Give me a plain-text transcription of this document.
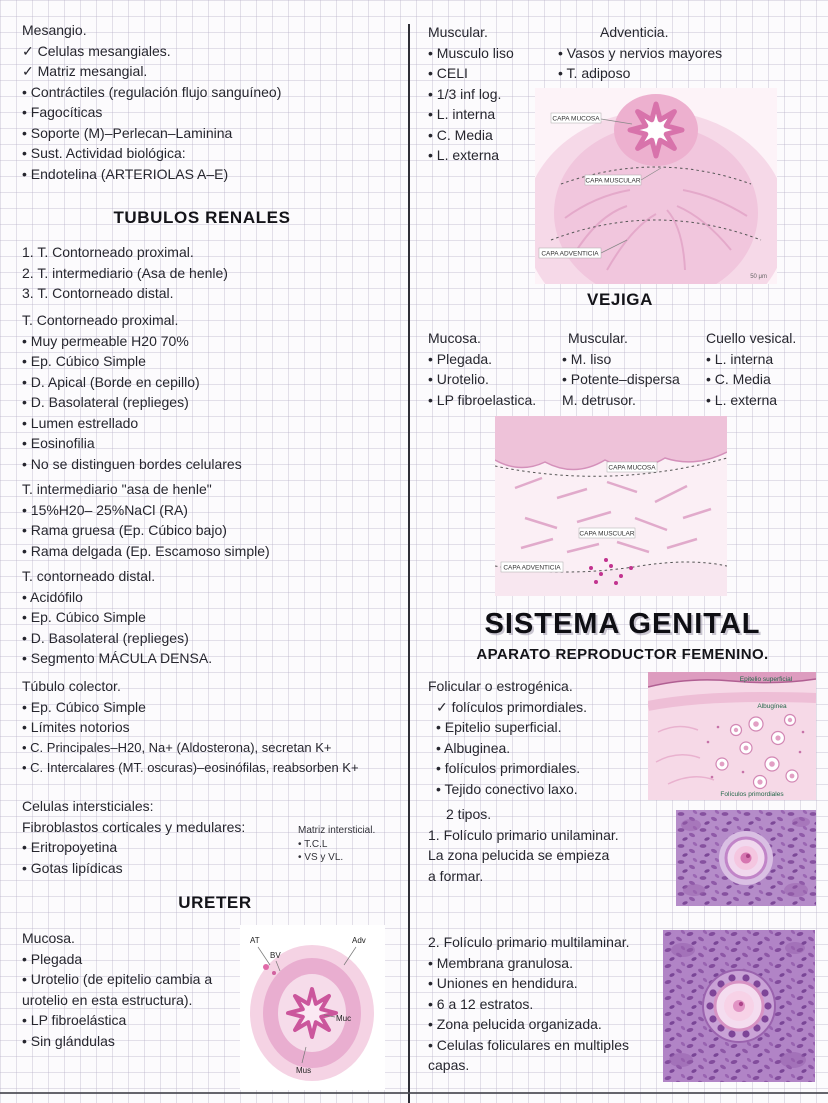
Mesangio.
✓ Celulas mesangiales.
✓ Matriz mesangial.
• Contráctiles (regulación flujo sanguíneo)
• Fagocíticas
• Soporte (M)–Perlecan–Laminina
• Sust. Actividad biológica:
• Endotelina (ARTERIOLAS A–E)
TUBULOS RENALES
1. T. Contorneado proximal.
2. T. intermediario (Asa de henle)
3. T. Contorneado distal.
T. Contorneado proximal.
• Muy permeable H20 70%
• Ep. Cúbico Simple
• D. Apical (Borde en cepillo)
• D. Basolateral (replieges)
• Lumen estrellado
• Eosinofilia
• No se distinguen bordes celulares
T. intermediario "asa de henle"
• 15%H20– 25%NaCl (RA)
• Rama gruesa (Ep. Cúbico bajo)
• Rama delgada (Ep. Escamoso simple)
T. contorneado distal.
• Acidófilo
• Ep. Cúbico Simple
• D. Basolateral (replieges)
• Segmento MÁCULA DENSA.
Túbulo colector.
• Ep. Cúbico Simple
• Límites notorios
• C. Principales–H20, Na+ (Aldosterona), secretan K+
• C. Intercalares (MT. oscuras)–eosinófilas, reabsorben K+
Celulas intersticiales:
Fibroblastos corticales y medulares:
• Eritropoyetina
• Gotas lipídicas
Matriz intersticial.
• T.C.L
• VS y VL.
URETER
Mucosa.
• Plegada
• Urotelio (de epitelio cambia a urotelio en esta estructura).
• LP fibroelástica
• Sin glándulas
AT
BV
Adv
Muc
Mus
Muscular.
• Musculo liso
• CELI
• 1/3 inf log.
• L. interna
• C. Media
• L. externa
Adventicia.
• Vasos y nervios mayores
• T. adiposo
CAPA MUCOSA
CAPA MUSCULAR
CAPA ADVENTICIA
50 μm
VEJIGA
Mucosa.
• Plegada.
• Urotelio.
• LP fibroelastica.
Muscular.
• M. liso
• Potente–dispersa
M. detrusor.
Cuello vesical.
• L. interna
• C. Media
• L. externa
CAPA MUCOSA
CAPA MUSCULAR
CAPA ADVENTICIA
SISTEMA GENITAL
APARATO REPRODUCTOR FEMENINO.
Folicular o estrogénica.
✓ folículos primordiales.
• Epitelio superficial.
• Albuginea.
• folículos primordiales.
• Tejido conectivo laxo.
Epitelio superficial
Albugínea
Folículos primordiales
2 tipos.
1. Folículo primario unilaminar.
La zona pelucida se empieza
a formar.
2. Folículo primario multilaminar.
• Membrana granulosa.
• Uniones en hendidura.
• 6 a 12 estratos.
• Zona pelucida organizada.
• Celulas foliculares en multiples capas.
